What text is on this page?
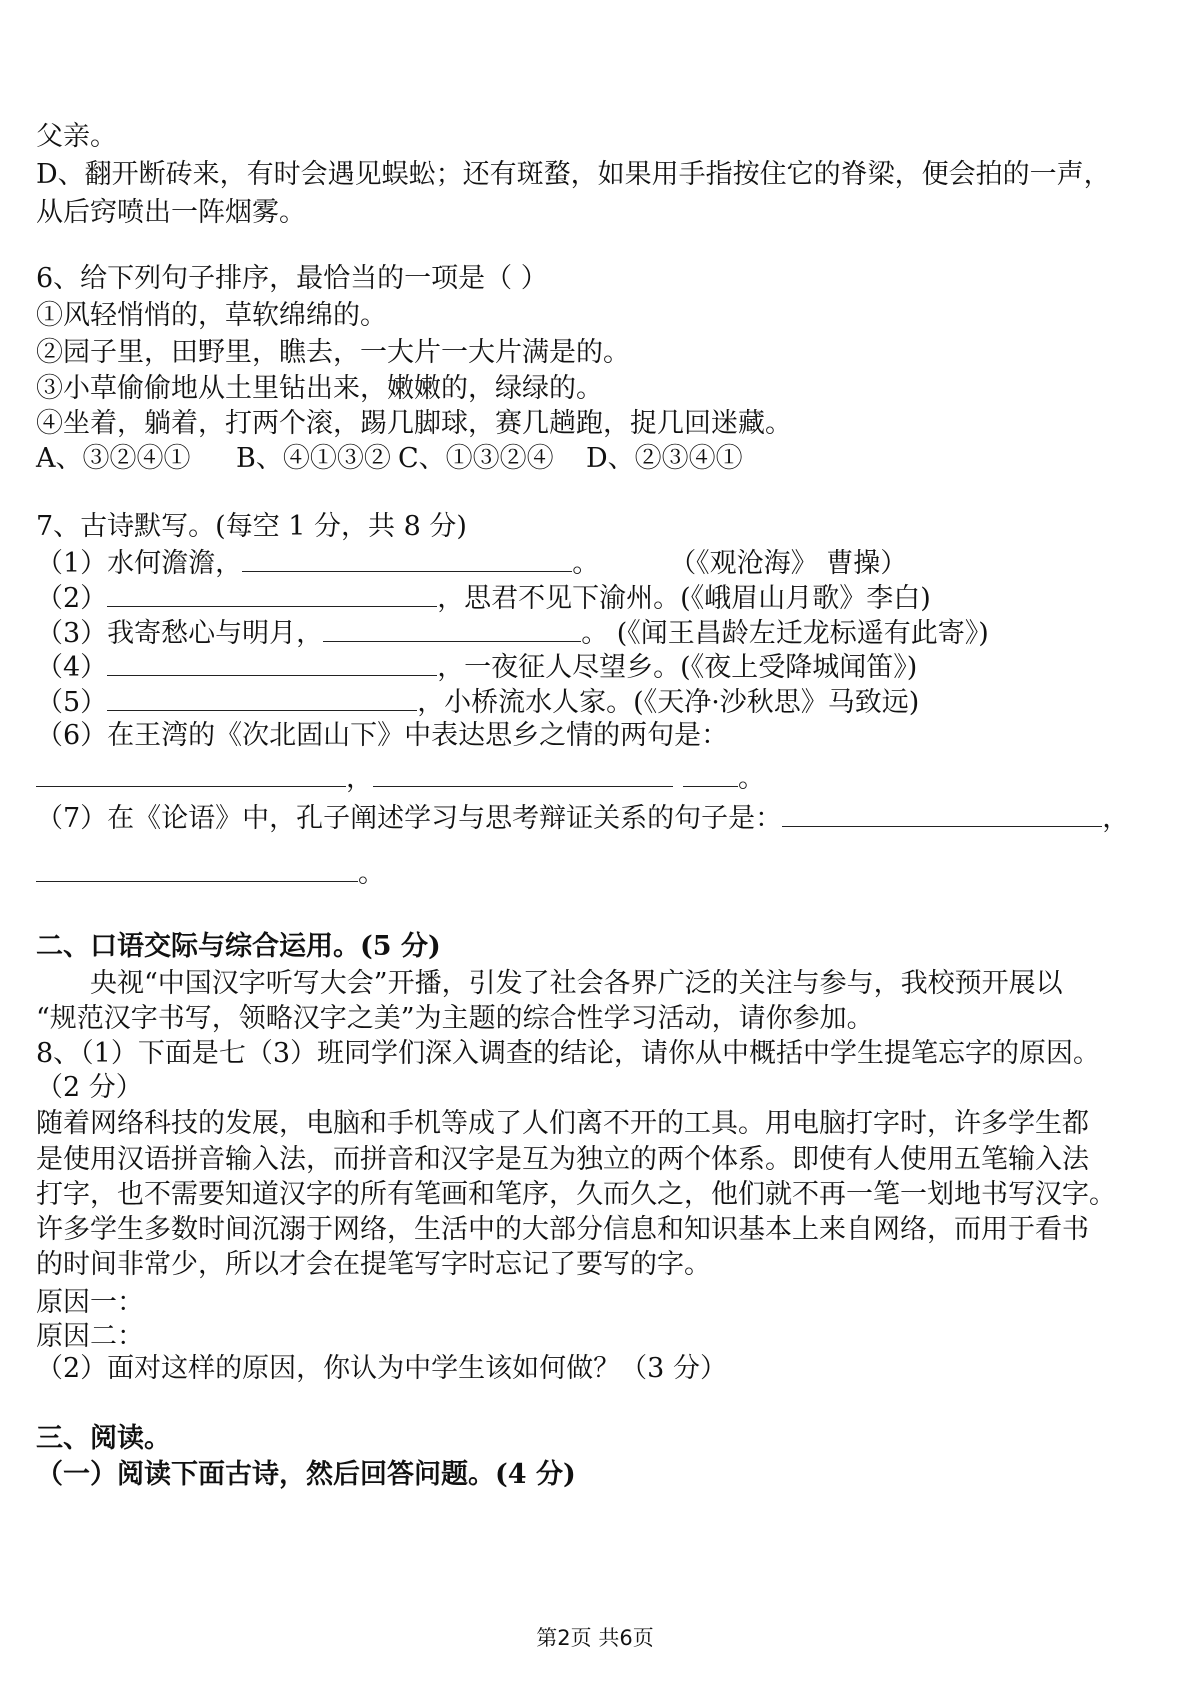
父亲。
D、翻开断砖来，有时会遇见蜈蚣；还有斑蝥，如果用手指按住它的脊梁，便会拍的一声，
从后窍喷出一阵烟雾。
6、给下列句子排序，最恰当的一项是（ ）
①风轻悄悄的，草软绵绵的。
②园子里，田野里，瞧去，一大片一大片满是的。
③小草偷偷地从土里钻出来，嫩嫩的，绿绿的。
④坐着，躺着，打两个滚，踢几脚球，赛几趟跑，捉几回迷藏。
A、③②④① B、④①③② C、①③②④ D、②③④①
7、古诗默写。(每空 1 分，共 8 分)
（1）水何澹澹，	。	（《观沧海》 曹操）
（2）	，思君不见下渝州。(《峨眉山月歌》李白)
（3）我寄愁心与明月，	。 (《闻王昌龄左迁龙标遥有此寄》)
（4）	，一夜征人尽望乡。(《夜上受降城闻笛》)
（5）	，小桥流水人家。(《天净·沙秋思》马致远)
（6）在王湾的《次北固山下》中表达思乡之情的两句是：
，	。
（7）在《论语》中，孔子阐述学习与思考辩证关系的句子是：	，
。
二、口语交际与综合运用。(5 分)
央视“中国汉字听写大会”开播，引发了社会各界广泛的关注与参与，我校预开展以
“规范汉字书写，领略汉字之美”为主题的综合性学习活动，请你参加。
8、（1）下面是七（3）班同学们深入调查的结论，请你从中概括中学生提笔忘字的原因。
（2 分）
随着网络科技的发展，电脑和手机等成了人们离不开的工具。用电脑打字时，许多学生都
是使用汉语拼音输入法，而拼音和汉字是互为独立的两个体系。即使有人使用五笔输入法
打字，也不需要知道汉字的所有笔画和笔序，久而久之，他们就不再一笔一划地书写汉字。
许多学生多数时间沉溺于网络，生活中的大部分信息和知识基本上来自网络，而用于看书
的时间非常少，所以才会在提笔写字时忘记了要写的字。
原因一：
原因二：
（2）面对这样的原因，你认为中学生该如何做？（3 分）
三、阅读。
（一）阅读下面古诗，然后回答问题。(4 分)
第2页 共6页
